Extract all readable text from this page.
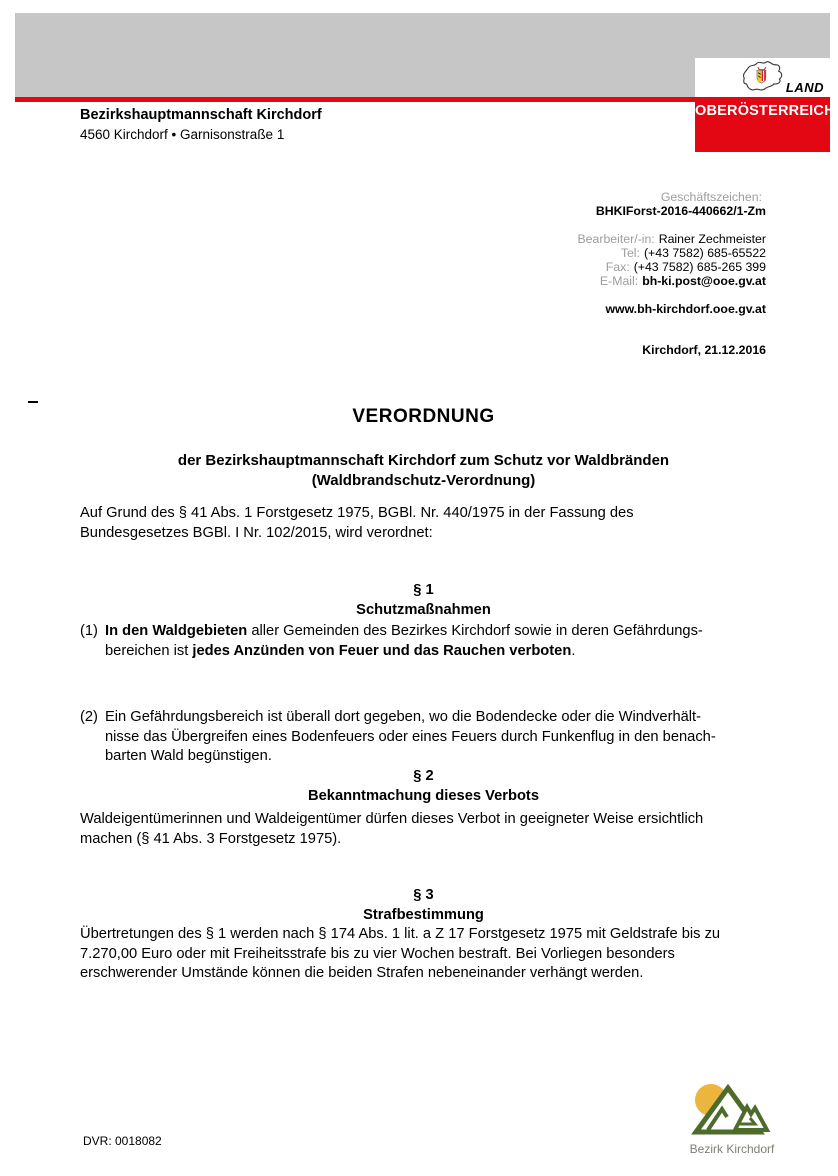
LAND
OBERÖSTERREICH
Bezirkshauptmannschaft Kirchdorf
4560 Kirchdorf • Garnisonstraße 1
Geschäftszeichen:
BHKIForst-2016-440662/1-Zm
Bearbeiter/-in: Rainer Zechmeister
Tel: (+43 7582) 685-65522
Fax: (+43 7582) 685-265 399
E-Mail: bh-ki.post@ooe.gv.at
www.bh-kirchdorf.ooe.gv.at
Kirchdorf, 21.12.2016
VERORDNUNG
der Bezirkshauptmannschaft Kirchdorf zum Schutz vor Waldbränden
(Waldbrandschutz-Verordnung)
Auf Grund des § 41 Abs. 1 Forstgesetz 1975, BGBl. Nr. 440/1975 in der Fassung des
Bundesgesetzes BGBl. I Nr. 102/2015, wird verordnet:
§ 1
Schutzmaßnahmen
(1) In den Waldgebieten aller Gemeinden des Bezirkes Kirchdorf sowie in deren Gefährdungs-
bereichen ist jedes Anzünden von Feuer und das Rauchen verboten.
(2) Ein Gefährdungsbereich ist überall dort gegeben, wo die Bodendecke oder die Windverhält-
nisse das Übergreifen eines Bodenfeuers oder eines Feuers durch Funkenflug in den benach-
barten Wald begünstigen.
§ 2
Bekanntmachung dieses Verbots
Waldeigentümerinnen und Waldeigentümer dürfen dieses Verbot in geeigneter Weise ersichtlich
machen (§ 41 Abs. 3 Forstgesetz 1975).
§ 3
Strafbestimmung
Übertretungen des § 1 werden nach § 174 Abs. 1 lit. a Z 17 Forstgesetz 1975 mit Geldstrafe bis zu
7.270,00 Euro oder mit Freiheitsstrafe bis zu vier Wochen bestraft. Bei Vorliegen besonders
erschwerender Umstände können die beiden Strafen nebeneinander verhängt werden.
DVR: 0018082
Bezirk Kirchdorf
